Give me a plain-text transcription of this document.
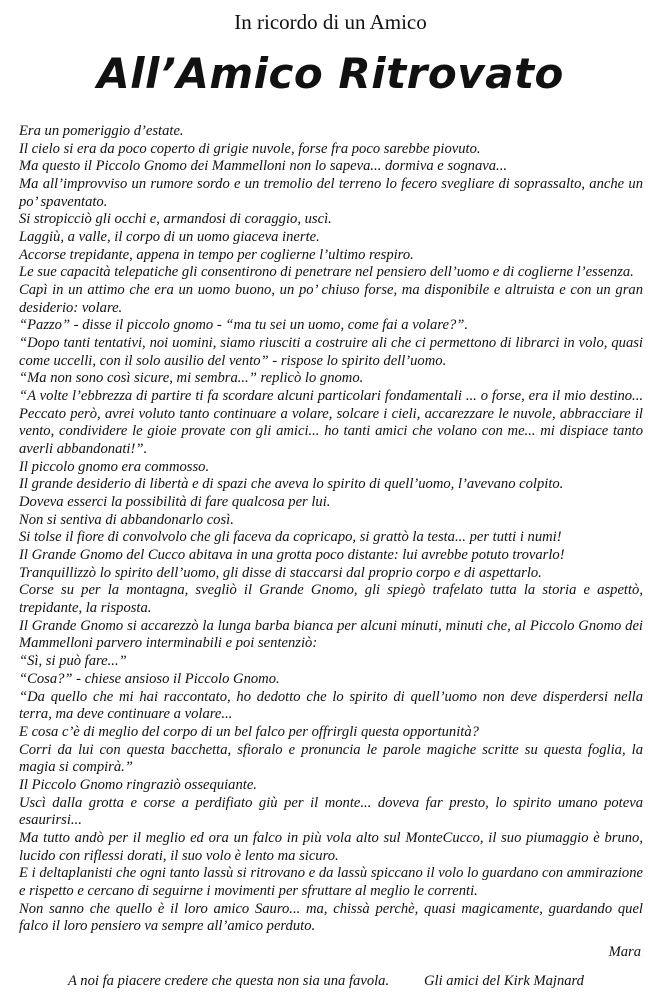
In ricordo di un Amico
All’Amico Ritrovato

Era un pomeriggio d’estate.

Il cielo si era da poco coperto di grigie nuvole, forse fra poco sarebbe piovuto.

Ma questo il Piccolo Gnomo dei Mammelloni non lo sapeva... dormiva e sognava...

Ma all’improvviso un rumore sordo e un tremolio del terreno lo fecero svegliare di soprassalto, anche un po’ spaventato.

Si stropicciò gli occhi e, armandosi di coraggio, uscì.

Laggiù, a valle, il corpo di un uomo giaceva inerte.

Accorse trepidante, appena in tempo per coglierne l’ultimo respiro.

Le sue capacità telepatiche gli consentirono di penetrare nel pensiero dell’uomo e di coglierne l’essenza.

Capì in un attimo che era un uomo buono, un po’ chiuso forse, ma disponibile e altruista e con un gran desiderio: volare.

“Pazzo” - disse il piccolo gnomo - “ma tu sei un uomo, come fai a volare?”.

“Dopo tanti tentativi, noi uomini, siamo riusciti a costruire ali che ci permettono di librarci in volo, quasi come uccelli, con il solo ausilio del vento” - rispose lo spirito dell’uomo.

“Ma non sono così sicure, mi sembra...” replicò lo gnomo.

“A volte l’ebbrezza di partire ti fa scordare alcuni particolari fondamentali ... o forse, era il mio destino... Peccato però, avrei voluto tanto continuare a volare, solcare i cieli, accarezzare le nuvole, abbracciare il vento, condividere le gioie provate con gli amici... ho tanti amici che volano con me... mi dispiace tanto averli abbandonati!”.

Il piccolo gnomo era commosso.

Il grande desiderio di libertà e di spazi che aveva lo spirito di quell’uomo, l’avevano colpito.

Doveva esserci la possibilità di fare qualcosa per lui.

Non si sentiva di abbandonarlo così.

Si tolse il fiore di convolvolo che gli faceva da copricapo, si grattò la testa... per tutti i numi!

Il Grande Gnomo del Cucco abitava in una grotta poco distante: lui avrebbe potuto trovarlo!

Tranquillizzò lo spirito dell’uomo, gli disse di staccarsi dal proprio corpo e di aspettarlo.

Corse su per la montagna, svegliò il Grande Gnomo, gli spiegò trafelato tutta la storia e aspettò, trepidante, la risposta.

Il Grande Gnomo si accarezzò la lunga barba bianca per alcuni minuti, minuti che, al Piccolo Gnomo dei Mammelloni parvero interminabili e poi sentenziò:

“Sì, si può fare...”

“Cosa?” - chiese ansioso il Piccolo Gnomo.

“Da quello che mi hai raccontato, ho dedotto che lo spirito di quell’uomo non deve disperdersi nella terra, ma deve continuare a volare...

E cosa c’è di meglio del corpo di un bel falco per offrirgli questa opportunità?

Corri da lui con questa bacchetta, sfioralo e pronuncia le parole magiche scritte su questa foglia, la magia si compirà.”

Il Piccolo Gnomo ringraziò ossequiante.

Uscì dalla grotta e corse a perdifiato giù per il monte... doveva far presto, lo spirito umano poteva esaurirsi...

Ma tutto andò per il meglio ed ora un falco in più vola alto sul MonteCucco, il suo piumaggio è bruno, lucido con riflessi dorati, il suo volo è lento ma sicuro.

E i deltaplanisti che ogni tanto lassù si ritrovano e da lassù spiccano il volo lo guardano con ammirazione e rispetto e cercano di seguirne i movimenti per sfruttare al meglio le correnti.

Non sanno che quello è il loro amico Sauro... ma, chissà perchè, quasi magicamente, guardando quel falco il loro pensiero va sempre all’amico perduto.

Mara
A noi fa piacere credere che questa non sia una favola. Gli amici del Kirk Majnard
